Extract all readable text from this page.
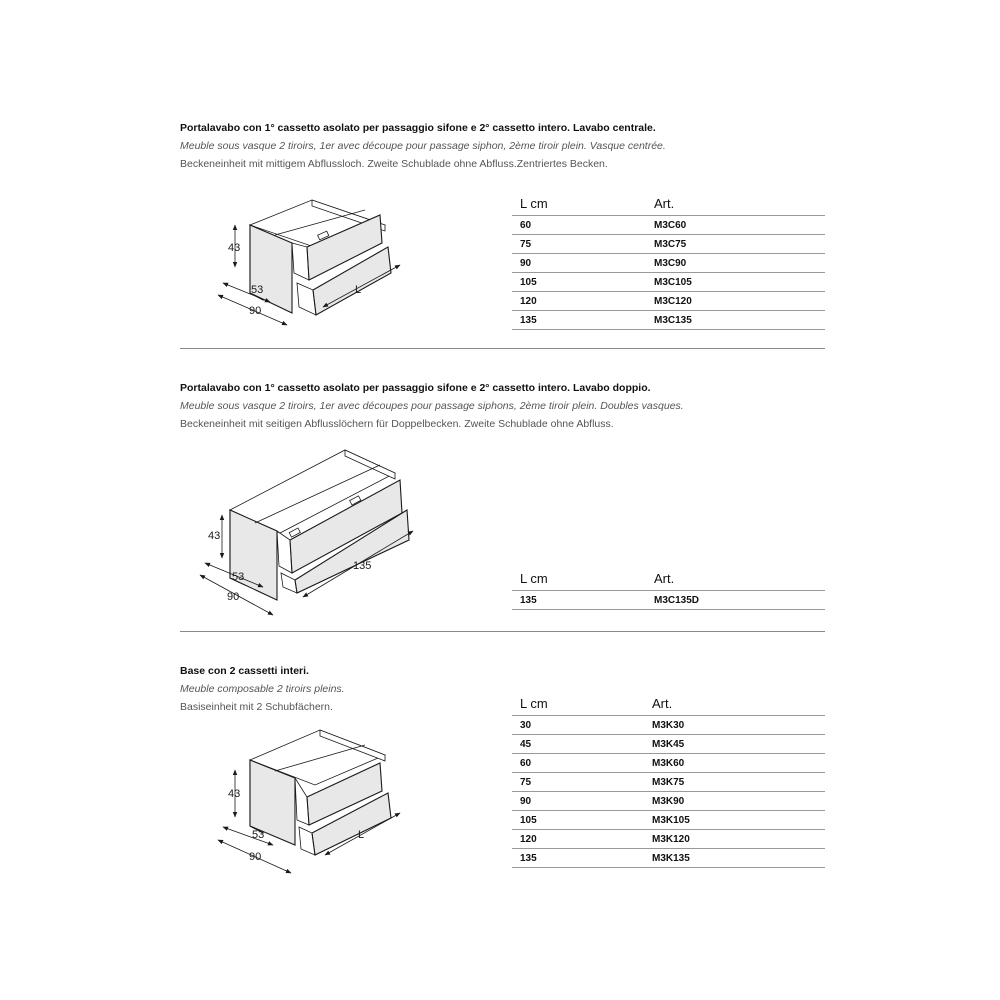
Portalavabo con 1° cassetto asolato per passaggio sifone e 2° cassetto intero. Lavabo centrale.
Meuble sous vasque 2 tiroirs, 1er avec découpe pour passage siphon, 2ème tiroir plein. Vasque centrée.
Beckeneinheit mit mittigem Abflussloch. Zweite Schublade ohne Abfluss.Zentriertes Becken.
43
53
90
L
L cm	Art.
60	M3C60
75	M3C75
90	M3C90
105	M3C105
120	M3C120
135	M3C135
Portalavabo con 1° cassetto asolato per passaggio sifone e 2° cassetto intero. Lavabo doppio.
Meuble sous vasque 2 tiroirs, 1er avec découpes pour passage siphons, 2ème tiroir plein. Doubles vasques.
Beckeneinheit mit seitigen Abflusslöchern für Doppelbecken. Zweite Schublade ohne Abfluss.
43
53
90
135
L cm	Art.
135	M3C135D
Base con 2 cassetti interi.
Meuble composable 2 tiroirs pleins.
Basiseinheit mit 2 Schubfächern.
43
53
90
L
L cm	Art.
30	M3K30
45	M3K45
60	M3K60
75	M3K75
90	M3K90
105	M3K105
120	M3K120
135	M3K135
